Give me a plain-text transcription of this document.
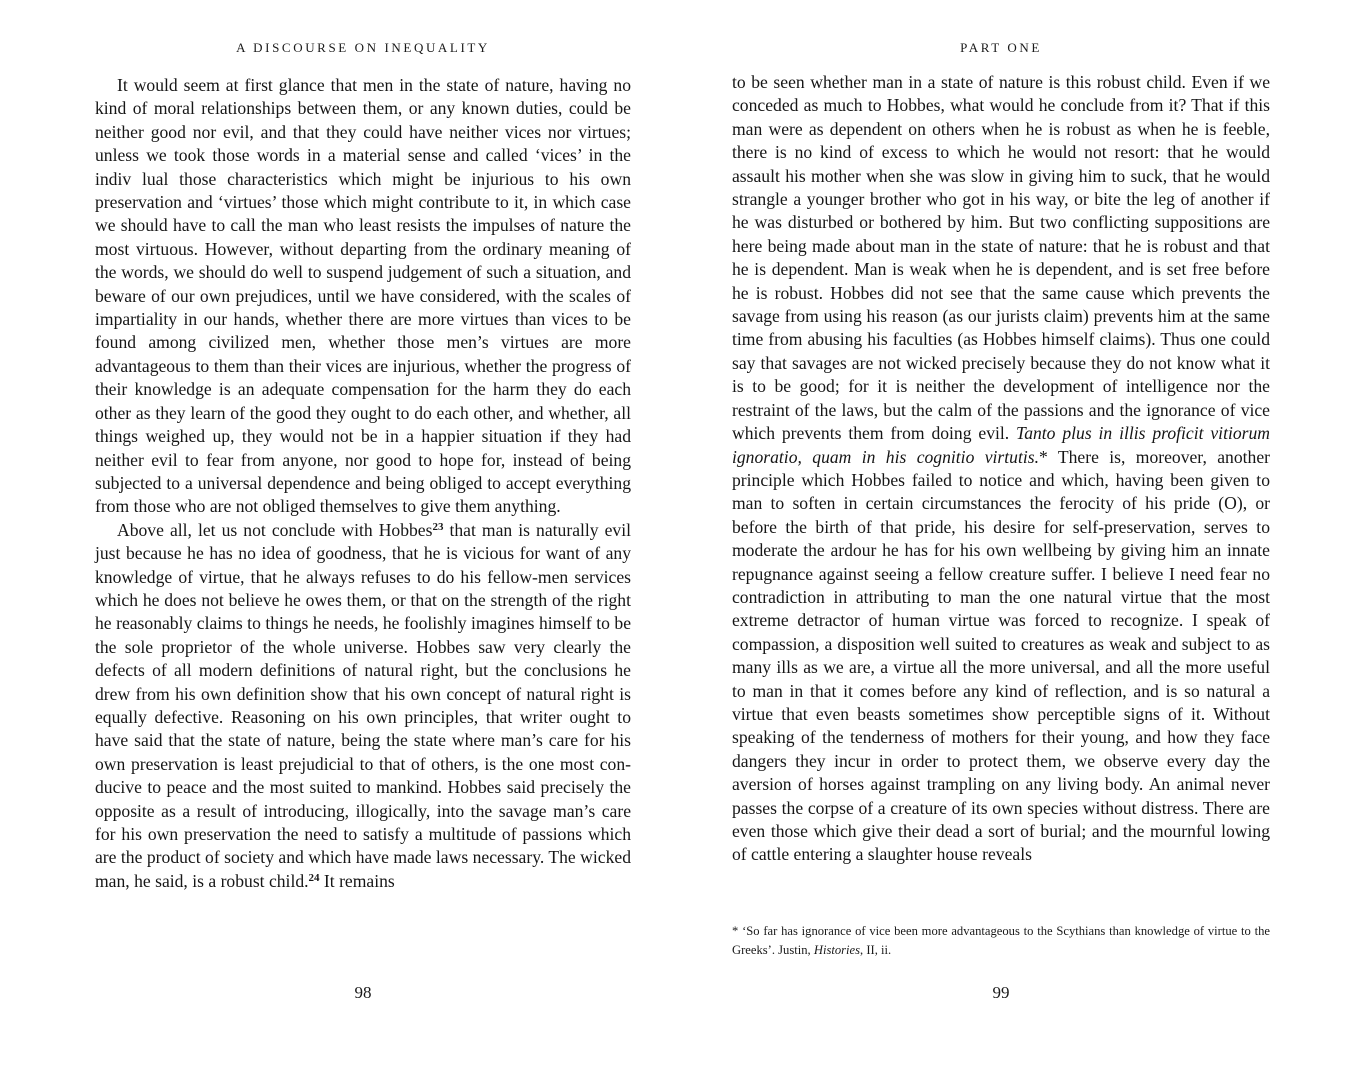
A DISCOURSE ON INEQUALITY

It would seem at first glance that men in the state of nature, having no kind of moral relationships between them, or any known duties, could be neither good nor evil, and that they could have neither vices nor virtues; unless we took those words in a material sense and called ‘vices’ in the indiv lual those characteristics which might be injurious to his own preservation and ‘virtues’ those which might contribute to it, in which case we should have to call the man who least resists the impulses of nature the most virtuous. However, without departing from the ordinary meaning of the words, we should do well to suspend judgement of such a situation, and beware of our own prejudices, until we have considered, with the scales of impartiality in our hands, whether there are more virtues than vices to be found among civilized men, whether those men’s virtues are more advantageous to them than their vices are injurious, whether the progress of their knowledge is an adequate compensation for the harm they do each other as they learn of the good they ought to do each other, and whether, all things weighed up, they would not be in a happier situation if they had neither evil to fear from anyone, nor good to hope for, instead of being subjected to a universal dependence and being obliged to accept everything from those who are not obliged themselves to give them anything.

Above all, let us not conclude with Hobbes$^{23}$ that man is naturally evil just because he has no idea of goodness, that he is vicious for want of any knowledge of virtue, that he always refuses to do his fellow-men services which he does not believe he owes them, or that on the strength of the right he reasonably claims to things he needs, he foolishly imagines himself to be the sole proprietor of the whole universe. Hobbes saw very clearly the defects of all modern definitions of natural right, but the conclusions he drew from his own definition show that his own concept of natural right is equally defective. Reasoning on his own principles, that writer ought to have said that the state of nature, being the state where man’s care for his own preservation is least prejudicial to that of others, is the one most conducive to peace and the most suited to mankind. Hobbes said precisely the opposite as a result of introducing, illogically, into the savage man’s care for his own preservation the need to satisfy a multitude of passions which are the product of society and which have made laws necessary. The wicked man, he said, is a robust child.$^{24}$ It remains

98
PART ONE

to be seen whether man in a state of nature is this robust child. Even if we conceded as much to Hobbes, what would he conclude from it? That if this man were as dependent on others when he is robust as when he is feeble, there is no kind of excess to which he would not resort: that he would assault his mother when she was slow in giving him to suck, that he would strangle a younger brother who got in his way, or bite the leg of another if he was disturbed or bothered by him. But two conflicting suppositions are here being made about man in the state of nature: that he is robust and that he is dependent. Man is weak when he is dependent, and is set free before he is robust. Hobbes did not see that the same cause which prevents the savage from using his reason (as our jurists claim) prevents him at the same time from abusing his faculties (as Hobbes himself claims). Thus one could say that savages are not wicked precisely because they do not know what it is to be good; for it is neither the development of intelligence nor the restraint of the laws, but the calm of the passions and the ignorance of vice which prevents them from doing evil. Tanto plus in illis proficit vitiorum ignoratio, quam in his cognitio virtutis.* There is, moreover, another principle which Hobbes failed to notice and which, having been given to man to soften in certain circumstances the ferocity of his pride (O), or before the birth of that pride, his desire for self-preservation, serves to moderate the ardour he has for his own wellbeing by giving him an innate repugnance against seeing a fellow creature suffer. I believe I need fear no contradiction in attributing to man the one natural virtue that the most extreme detractor of human virtue was forced to recognize. I speak of compassion, a disposition well suited to creatures as weak and subject to as many ills as we are, a virtue all the more universal, and all the more useful to man in that it comes before any kind of reflection, and is so natural a virtue that even beasts sometimes show perceptible signs of it. Without speaking of the tenderness of mothers for their young, and how they face dangers they incur in order to protect them, we observe every day the aversion of horses against trampling on any living body. An animal never passes the corpse of a creature of its own species without distress. There are even those which give their dead a sort of burial; and the mournful lowing of cattle entering a slaughter house reveals

* ‘So far has ignorance of vice been more advantageous to the Scythians than knowledge of virtue to the Greeks’. Justin, Histories, II, ii.
99
